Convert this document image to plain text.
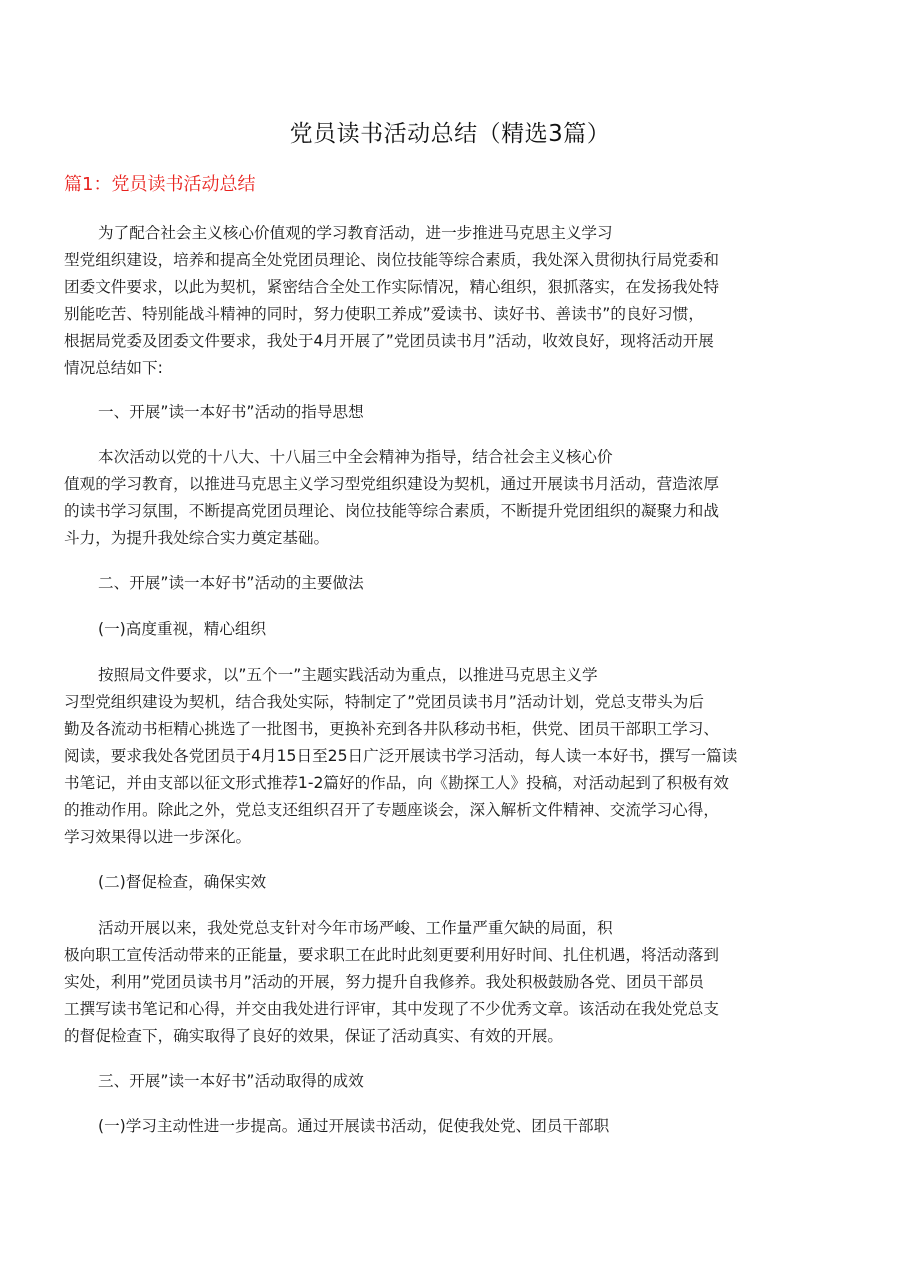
党员读书活动总结（精选3篇）
篇1：党员读书活动总结
为了配合社会主义核心价值观的学习教育活动，进一步推进马克思主义学习
型党组织建设，培养和提高全处党团员理论、岗位技能等综合素质，我处深入贯彻执行局党委和
团委文件要求，以此为契机，紧密结合全处工作实际情况，精心组织，狠抓落实，在发扬我处特
别能吃苦、特别能战斗精神的同时，努力使职工养成”爱读书、读好书、善读书”的良好习惯，
根据局党委及团委文件要求，我处于4月开展了”党团员读书月”活动，收效良好，现将活动开展
情况总结如下:
一、开展”读一本好书”活动的指导思想
本次活动以党的十八大、十八届三中全会精神为指导，结合社会主义核心价
值观的学习教育，以推进马克思主义学习型党组织建设为契机，通过开展读书月活动，营造浓厚
的读书学习氛围，不断提高党团员理论、岗位技能等综合素质，不断提升党团组织的凝聚力和战
斗力，为提升我处综合实力奠定基础。
二、开展”读一本好书”活动的主要做法
(一)高度重视，精心组织
按照局文件要求，以”五个一”主题实践活动为重点，以推进马克思主义学
习型党组织建设为契机，结合我处实际，特制定了”党团员读书月”活动计划，党总支带头为后
勤及各流动书柜精心挑选了一批图书，更换补充到各井队移动书柜，供党、团员干部职工学习、
阅读，要求我处各党团员于4月15日至25日广泛开展读书学习活动，每人读一本好书，撰写一篇读
书笔记，并由支部以征文形式推荐1-2篇好的作品，向《勘探工人》投稿，对活动起到了积极有效
的推动作用。除此之外，党总支还组织召开了专题座谈会，深入解析文件精神、交流学习心得，
学习效果得以进一步深化。
(二)督促检查，确保实效
活动开展以来，我处党总支针对今年市场严峻、工作量严重欠缺的局面，积
极向职工宣传活动带来的正能量，要求职工在此时此刻更要利用好时间、扎住机遇，将活动落到
实处，利用”党团员读书月”活动的开展，努力提升自我修养。我处积极鼓励各党、团员干部员
工撰写读书笔记和心得，并交由我处进行评审，其中发现了不少优秀文章。该活动在我处党总支
的督促检查下，确实取得了良好的效果，保证了活动真实、有效的开展。
三、开展”读一本好书”活动取得的成效
(一)学习主动性进一步提高。通过开展读书活动，促使我处党、团员干部职
